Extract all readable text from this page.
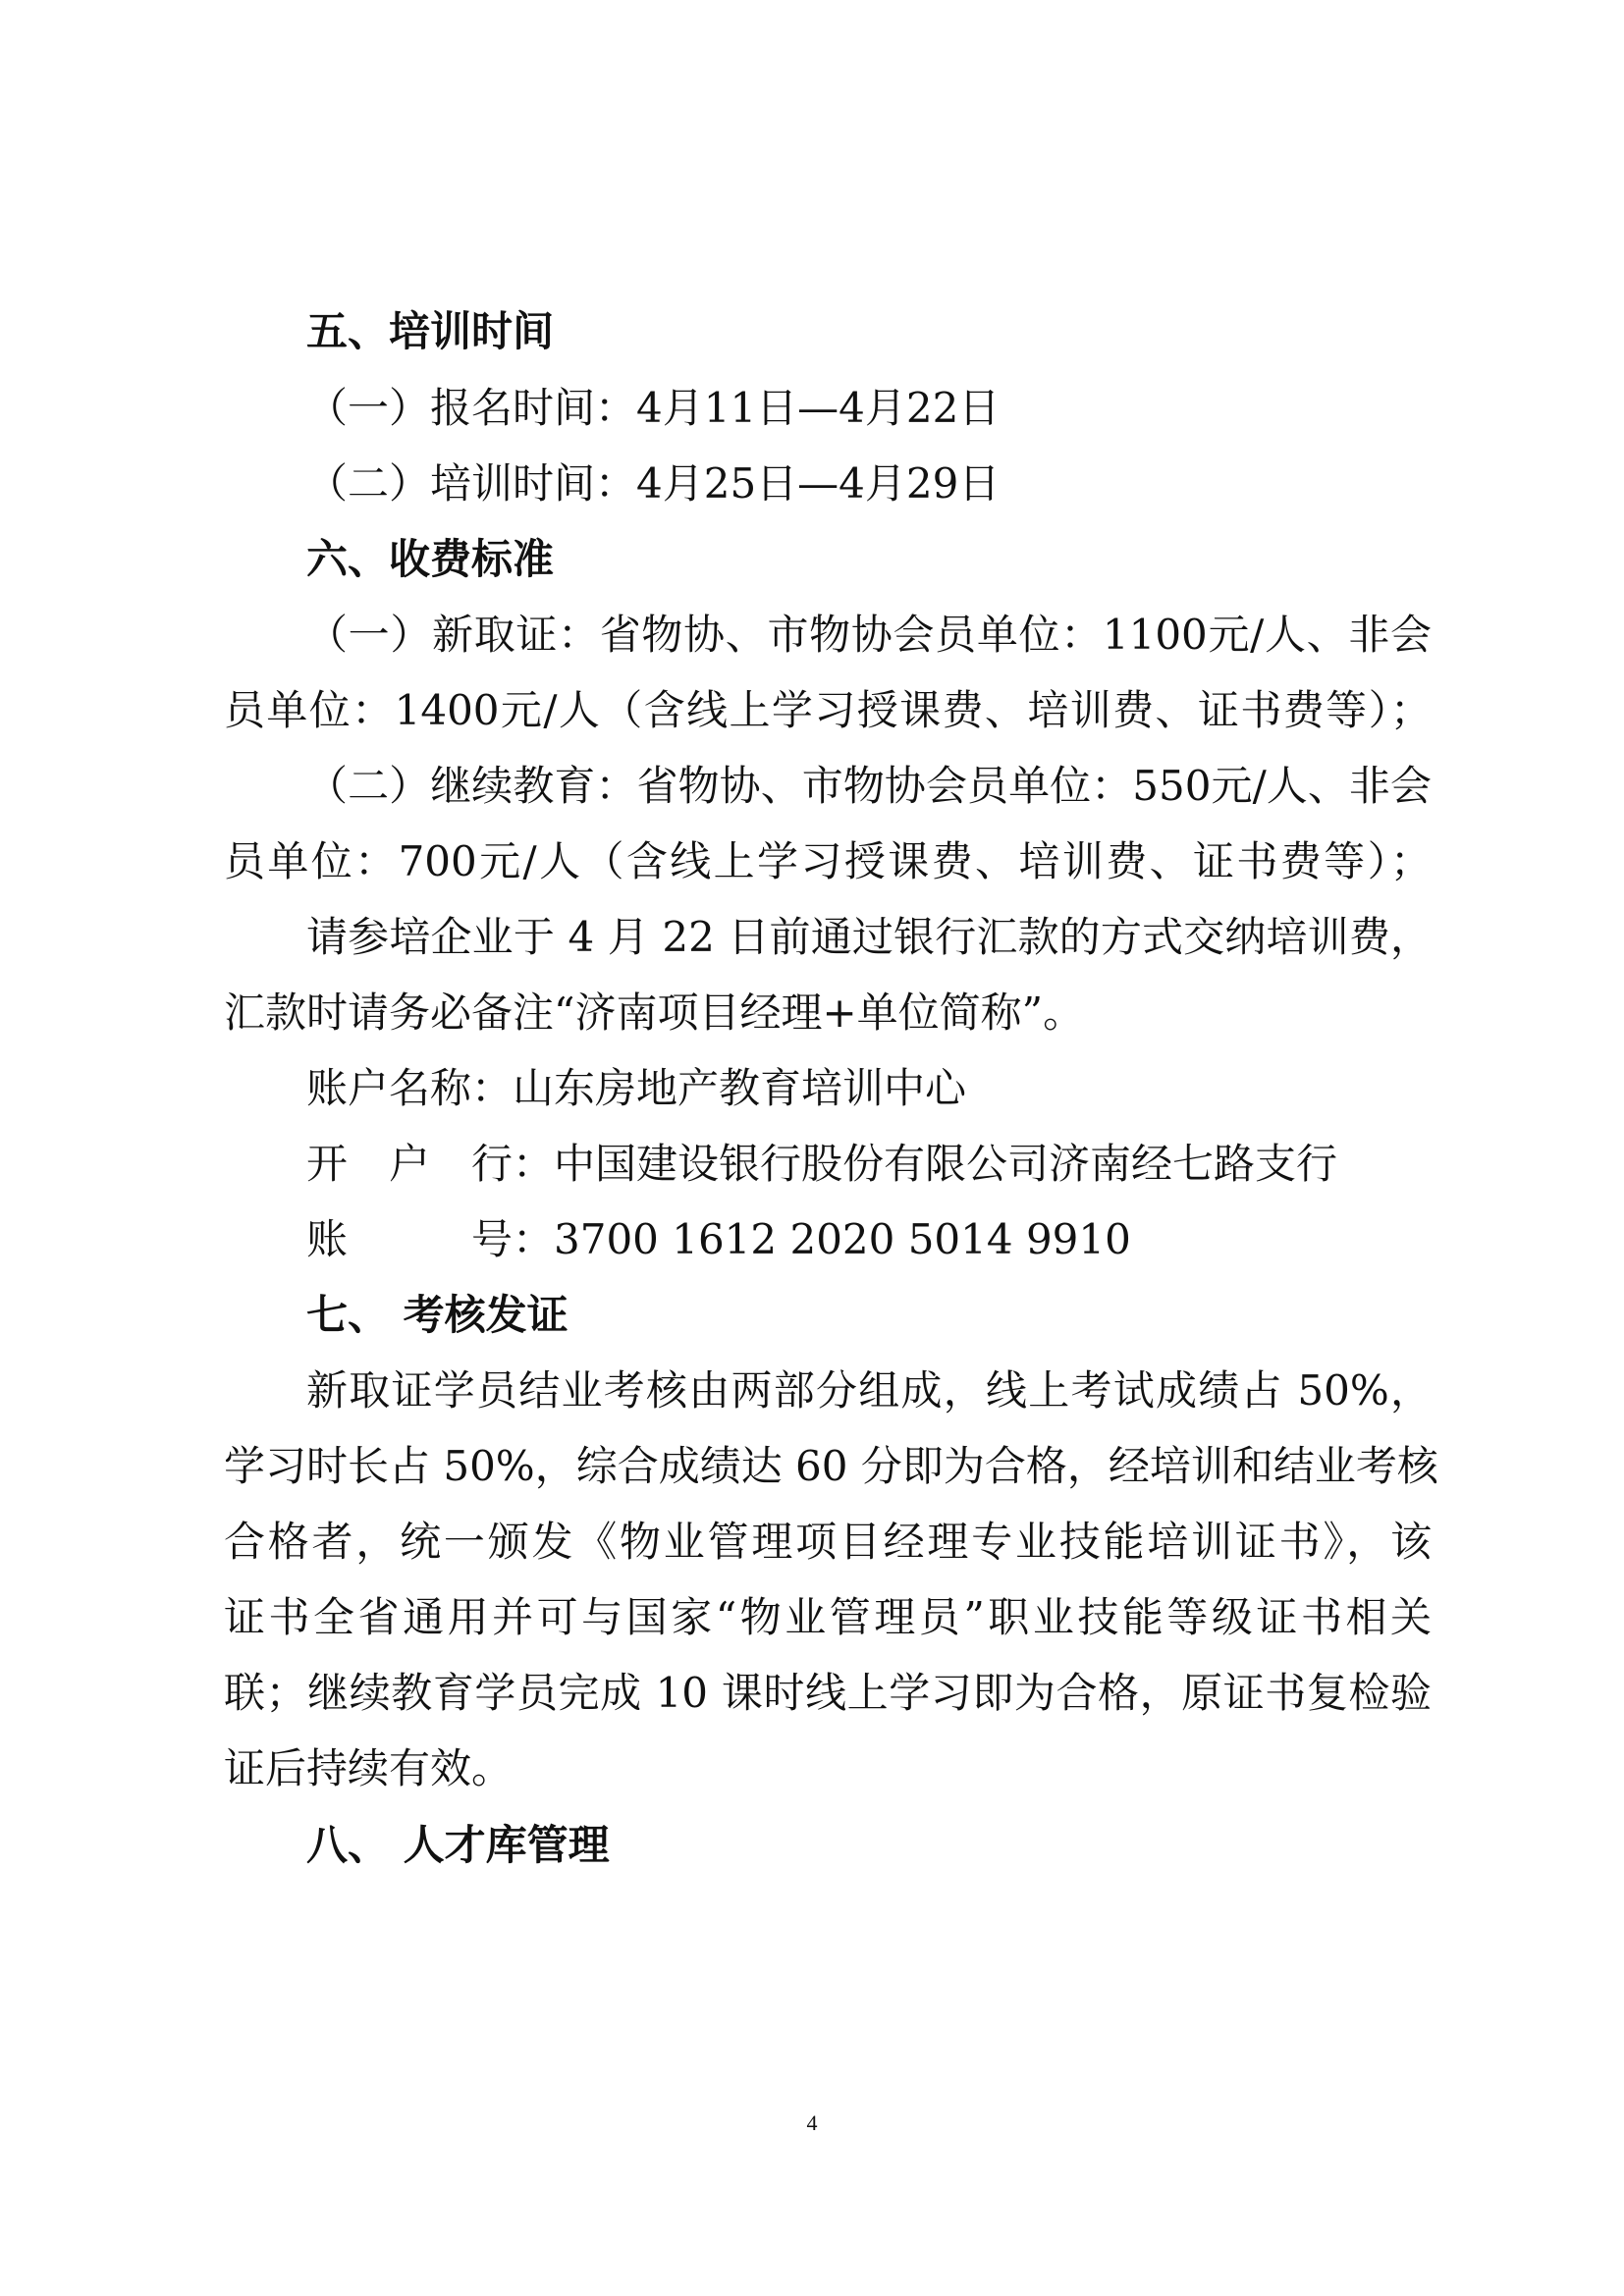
五、培训时间
（一）报名时间：4月11日—4月22日
（二）培训时间：4月25日—4月29日
六、收费标准
（一）新取证：省物协、市物协会员单位：1100元/人、非会
员单位：1400元/人（含线上学习授课费、培训费、证书费等）；
（二）继续教育：省物协、市物协会员单位：550元/人、非会
员单位：700元/人（含线上学习授课费、培训费、证书费等）；
请参培企业于 4 月 22 日前通过银行汇款的方式交纳培训费，
汇款时请务必备注“济南项目经理+单位简称”。
账户名称：山东房地产教育培训中心
开　户　行：中国建设银行股份有限公司济南经七路支行
账　　　号：3700 1612 2020 5014 9910
七、 考核发证
新取证学员结业考核由两部分组成，线上考试成绩占 50%，
学习时长占 50%，综合成绩达 60 分即为合格，经培训和结业考核
合格者，统一颁发《物业管理项目经理专业技能培训证书》，该
证书全省通用并可与国家“物业管理员”职业技能等级证书相关
联；继续教育学员完成 10 课时线上学习即为合格，原证书复检验
证后持续有效。
八、 人才库管理
4
